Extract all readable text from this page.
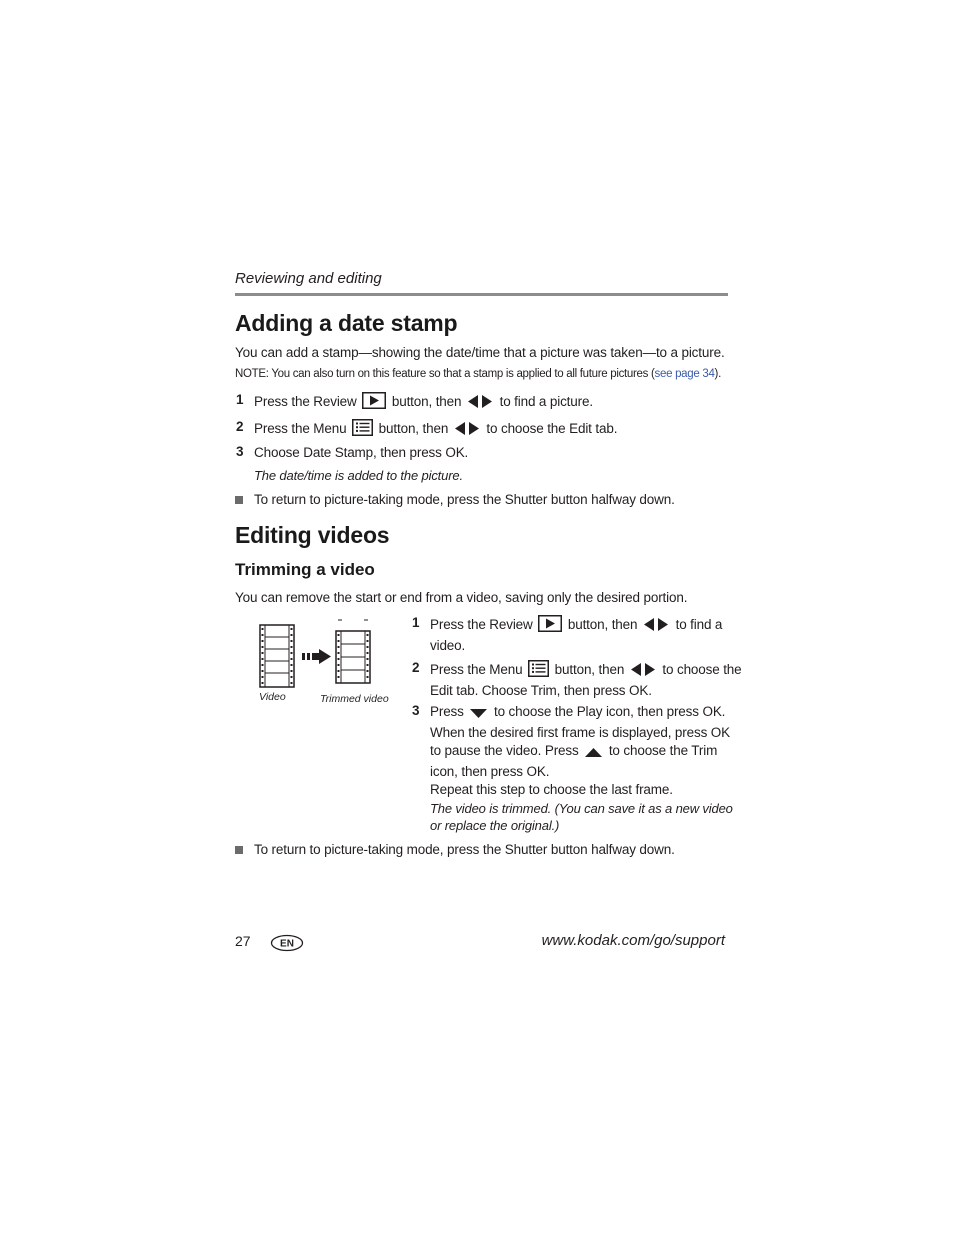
Reviewing and editing
Adding a date stamp
You can add a stamp—showing the date/time that a picture was taken—to a picture.
NOTE: You can also turn on this feature so that a stamp is applied to all future pictures (see page 34).
1 Press the Review	button, then	to find a picture.
2 Press the Menu button, then	to choose the Edit tab.
3 Choose Date Stamp, then press OK.
The date/time is added to the picture.
To return to picture-taking mode, press the Shutter button halfway down.
Editing videos
Trimming a video
You can remove the start or end from a video, saving only the desired portion.
Video	Trimmed video
1 Press the Review	button, then	to find a
video.
2 Press the Menu button, then	to choose the
Edit tab. Choose Trim, then press OK.
3 Press to choose the Play icon, then press OK.
When the desired first frame is displayed, press OK
to pause the video. Press to choose the Trim
icon, then press OK.
Repeat this step to choose the last frame.
The video is trimmed. (You can save it as a new video
or replace the original.)
To return to picture-taking mode, press the Shutter button halfway down.
27	EN	www.kodak.com/go/support
